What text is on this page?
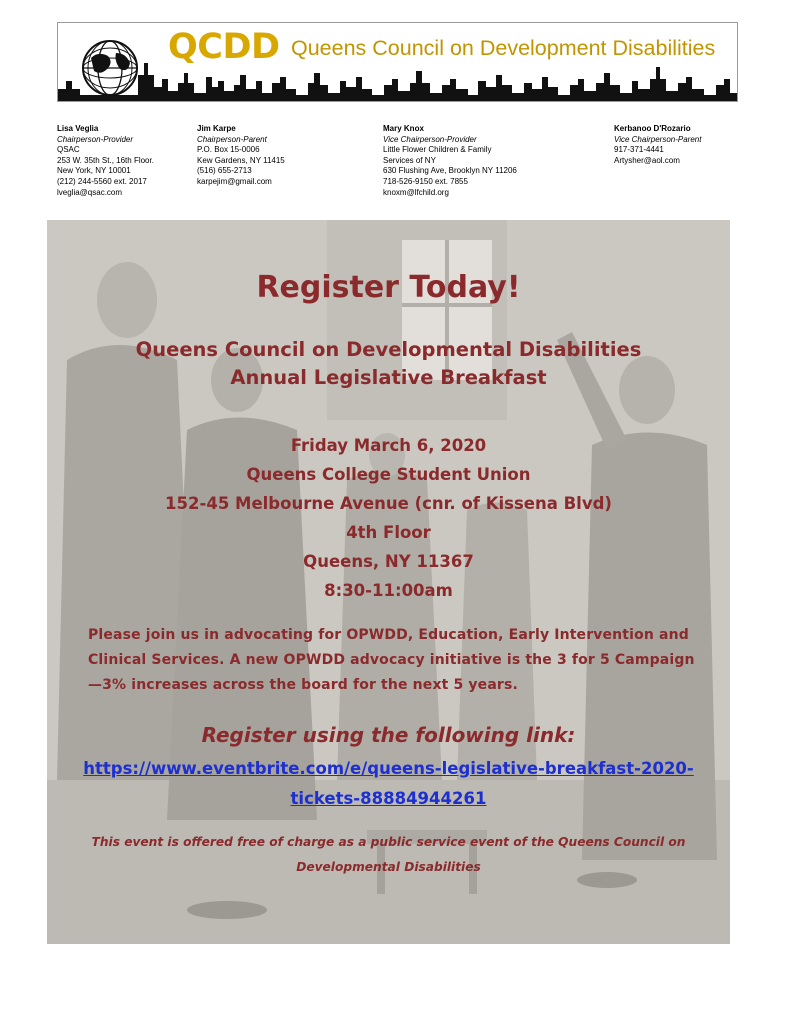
QCDD Queens Council on Development Disabilities
Lisa Veglia
Chairperson-Provider
QSAC
253 W. 35th St., 16th Floor.
New York, NY 10001
(212) 244-5560 ext. 2017
lveglia@qsac.com
Jim Karpe
Chairperson-Parent
P.O. Box 15-0006
Kew Gardens, NY 11415
(516) 655-2713
karpejim@gmail.com
Mary Knox
Vice Chairperson-Provider
Little Flower Children & Family
Services of NY
630 Flushing Ave, Brooklyn NY 11206
718-526-9150 ext. 7855
knoxm@lfchild.org
Kerbanoo D'Rozario
Vice Chairperson-Parent
917-371-4441
Artysher@aol.com
Register Today!
Queens Council on Developmental Disabilities
Annual Legislative Breakfast
Friday March 6, 2020
Queens College Student Union
152-45 Melbourne Avenue (cnr. of Kissena Blvd)
4th Floor
Queens, NY 11367
8:30-11:00am
Please join us in advocating for OPWDD, Education, Early Intervention and Clinical Services. A new OPWDD advocacy initiative is the 3 for 5 Campaign—3% increases across the board for the next 5 years.
Register using the following link:
https://www.eventbrite.com/e/queens-legislative-breakfast-2020-
tickets-88884944261
This event is offered free of charge as a public service event of the Queens Council on Developmental Disabilities
